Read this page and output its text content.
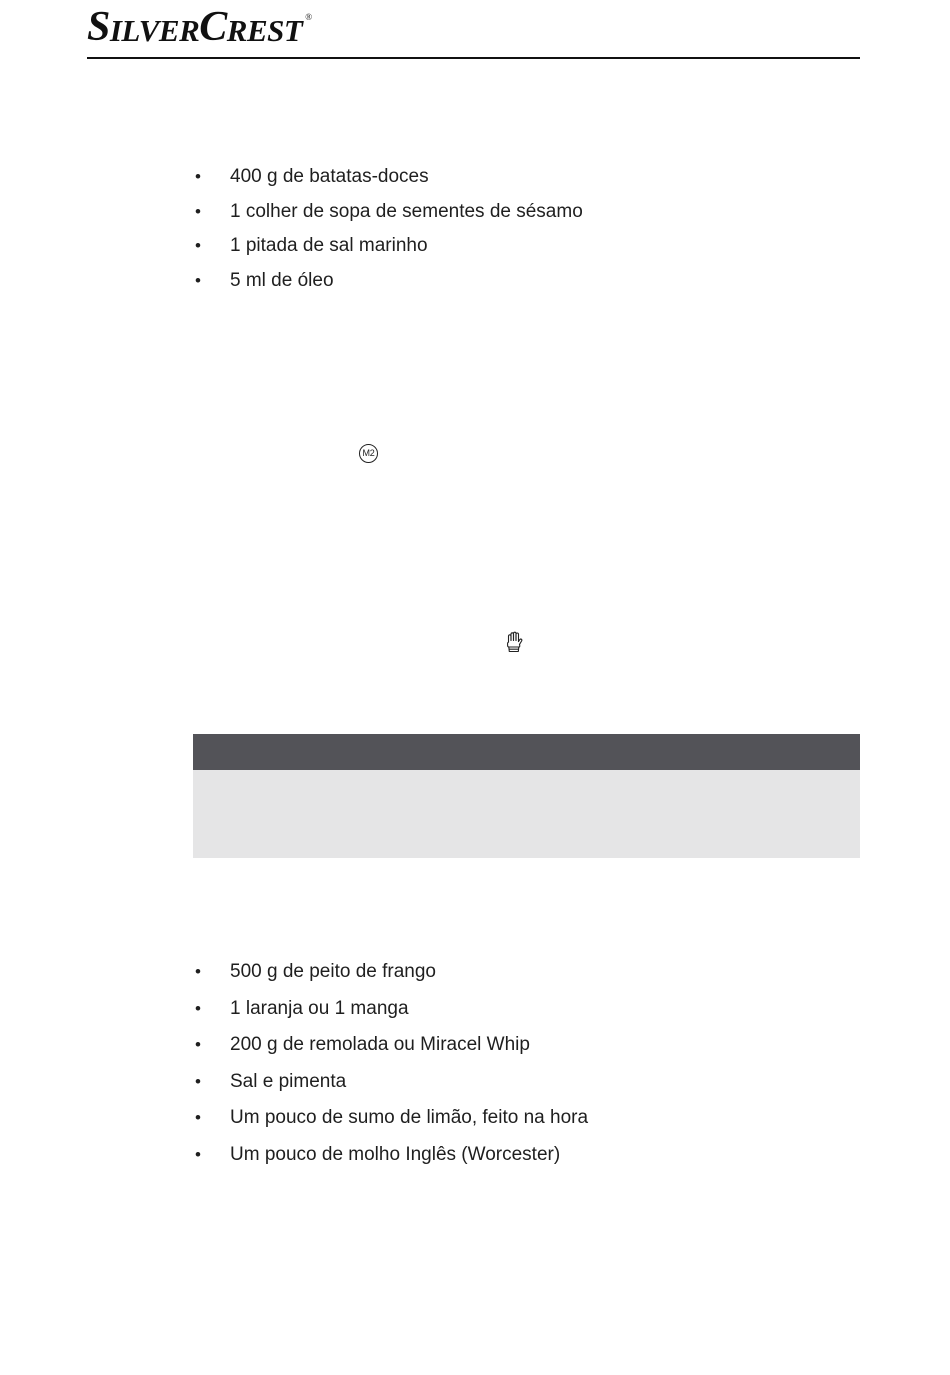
S ILVER C REST ®
• 400 g de batatas-doces
• 1 colher de sopa de sementes de sésamo
• 1 pitada de sal marinho
• 5 ml de óleo
M2
• 500 g de peito de frango
• 1 laranja ou 1 manga
• 200 g de remolada ou Miracel Whip
• Sal e pimenta
• Um pouco de sumo de limão, feito na hora
• Um pouco de molho Inglês (Worcester)
